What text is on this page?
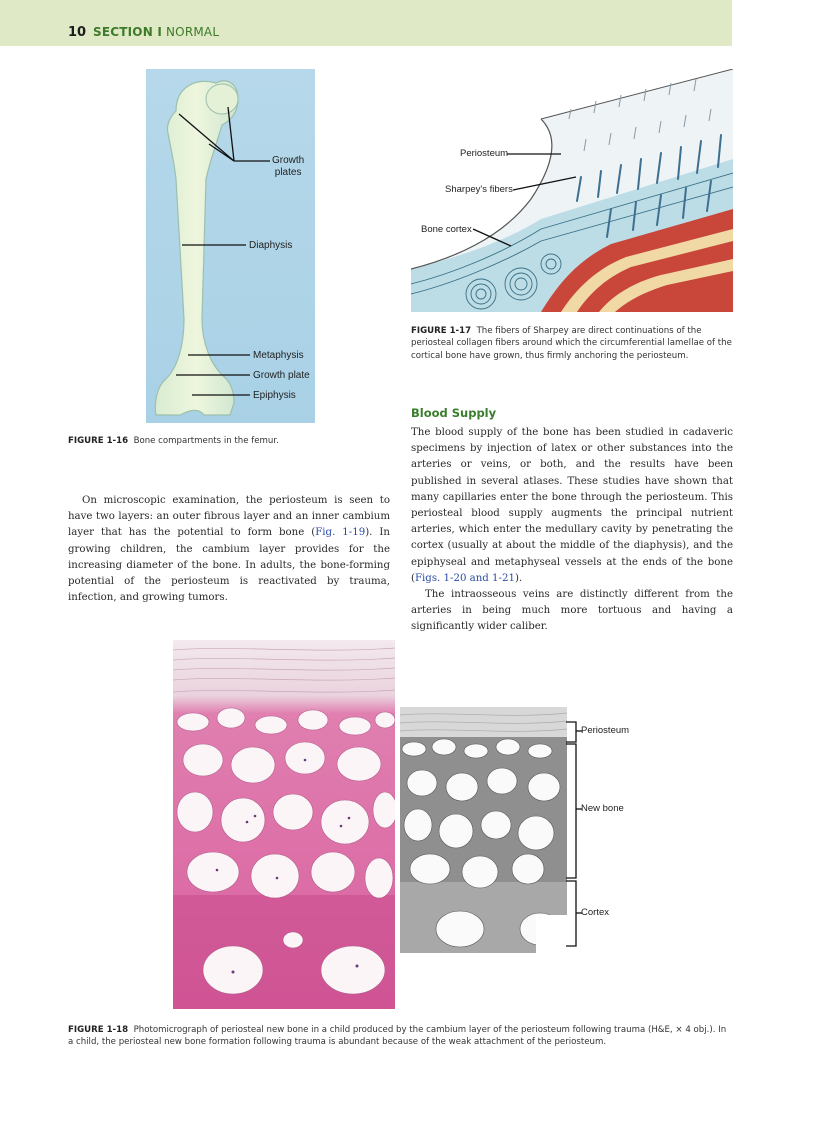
10 SECTION I NORMAL
Growth
plates
Diaphysis
Metaphysis
Growth plate
Epiphysis
FIGURE 1-16 Bone compartments in the femur.
Periosteum
Sharpey's fibers
Bone cortex
FIGURE 1-17 The fibers of Sharpey are direct continuations of the periosteal collagen fibers around which the circumferential lamellae of the cortical bone have grown, thus firmly anchoring the periosteum.

On microscopic examination, the periosteum is seen to have two layers: an outer fibrous layer and an inner cambium layer that has the potential to form bone (Fig. 1-19). In growing children, the cambium layer provides for the increasing diameter of the bone. In adults, the bone-forming potential of the periosteum is reactivated by trauma, infection, and growing tumors.

Blood Supply

The blood supply of the bone has been studied in cadaveric specimens by injection of latex or other substances into the arteries or veins, or both, and the results have been published in several atlases. These studies have shown that many capillaries enter the bone through the periosteum. This periosteal blood supply augments the principal nutrient arteries, which enter the medullary cavity by penetrating the cortex (usually at about the middle of the diaphysis), and the epiphyseal and metaphyseal vessels at the ends of the bone (Figs. 1-20 and 1-21).

The intraosseous veins are distinctly different from the arteries in being much more tortuous and having a significantly wider caliber.

Periosteum
New bone
Cortex
FIGURE 1-18 Photomicrograph of periosteal new bone in a child produced by the cambium layer of the periosteum following trauma (H&E, × 4 obj.). In a child, the periosteal new bone formation following trauma is abundant because of the weak attachment of the periosteum.
